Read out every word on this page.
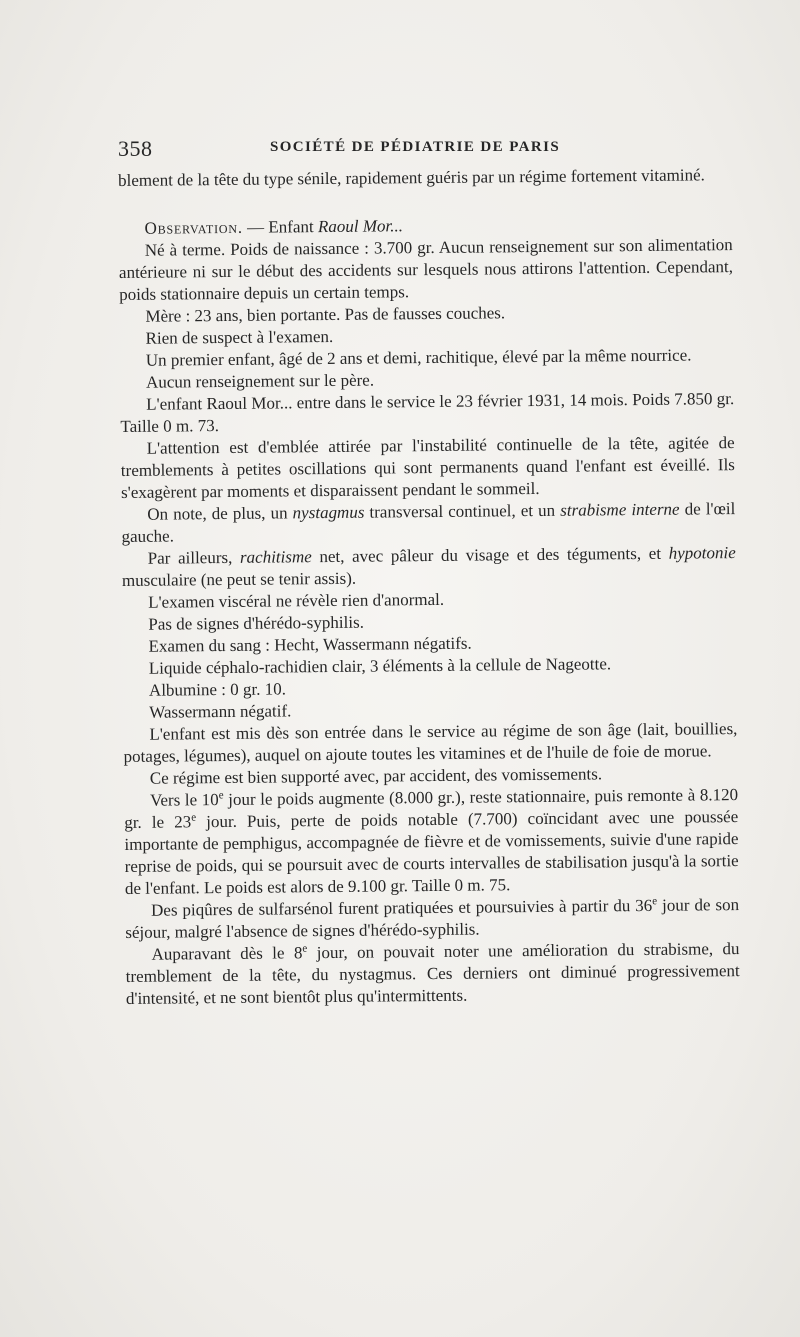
358	SOCIÉTÉ DE PÉDIATRIE DE PARIS

blement de la tête du type sénile, rapidement guéris par un régime fortement vitaminé.

Observation. — Enfant Raoul Mor...

Né à terme. Poids de naissance : 3.700 gr. Aucun renseignement sur son alimentation antérieure ni sur le début des accidents sur lesquels nous attirons l'attention. Cependant, poids stationnaire depuis un certain temps.

Mère : 23 ans, bien portante. Pas de fausses couches.

Rien de suspect à l'examen.

Un premier enfant, âgé de 2 ans et demi, rachitique, élevé par la même nourrice.

Aucun renseignement sur le père.

L'enfant Raoul Mor... entre dans le service le 23 février 1931, 14 mois. Poids 7.850 gr. Taille 0 m. 73.

L'attention est d'emblée attirée par l'instabilité continuelle de la tête, agitée de tremblements à petites oscillations qui sont permanents quand l'enfant est éveillé. Ils s'exagèrent par moments et disparaissent pendant le sommeil.

On note, de plus, un nystagmus transversal continuel, et un strabisme interne de l'œil gauche.

Par ailleurs, rachitisme net, avec pâleur du visage et des téguments, et hypotonie musculaire (ne peut se tenir assis).

L'examen viscéral ne révèle rien d'anormal.

Pas de signes d'hérédo-syphilis.

Examen du sang : Hecht, Wassermann négatifs.

Liquide céphalo-rachidien clair, 3 éléments à la cellule de Nageotte.

Albumine : 0 gr. 10.

Wassermann négatif.

L'enfant est mis dès son entrée dans le service au régime de son âge (lait, bouillies, potages, légumes), auquel on ajoute toutes les vitamines et de l'huile de foie de morue.

Ce régime est bien supporté avec, par accident, des vomissements.

Vers le 10e jour le poids augmente (8.000 gr.), reste stationnaire, puis remonte à 8.120 gr. le 23e jour. Puis, perte de poids notable (7.700) coïncidant avec une poussée importante de pemphigus, accompagnée de fièvre et de vomissements, suivie d'une rapide reprise de poids, qui se poursuit avec de courts intervalles de stabilisation jusqu'à la sortie de l'enfant. Le poids est alors de 9.100 gr. Taille 0 m. 75.

Des piqûres de sulfarsénol furent pratiquées et poursuivies à partir du 36e jour de son séjour, malgré l'absence de signes d'hérédo-syphilis.

Auparavant dès le 8e jour, on pouvait noter une amélioration du strabisme, du tremblement de la tête, du nystagmus. Ces derniers ont diminué progressivement d'intensité, et ne sont bientôt plus qu'intermittents.
